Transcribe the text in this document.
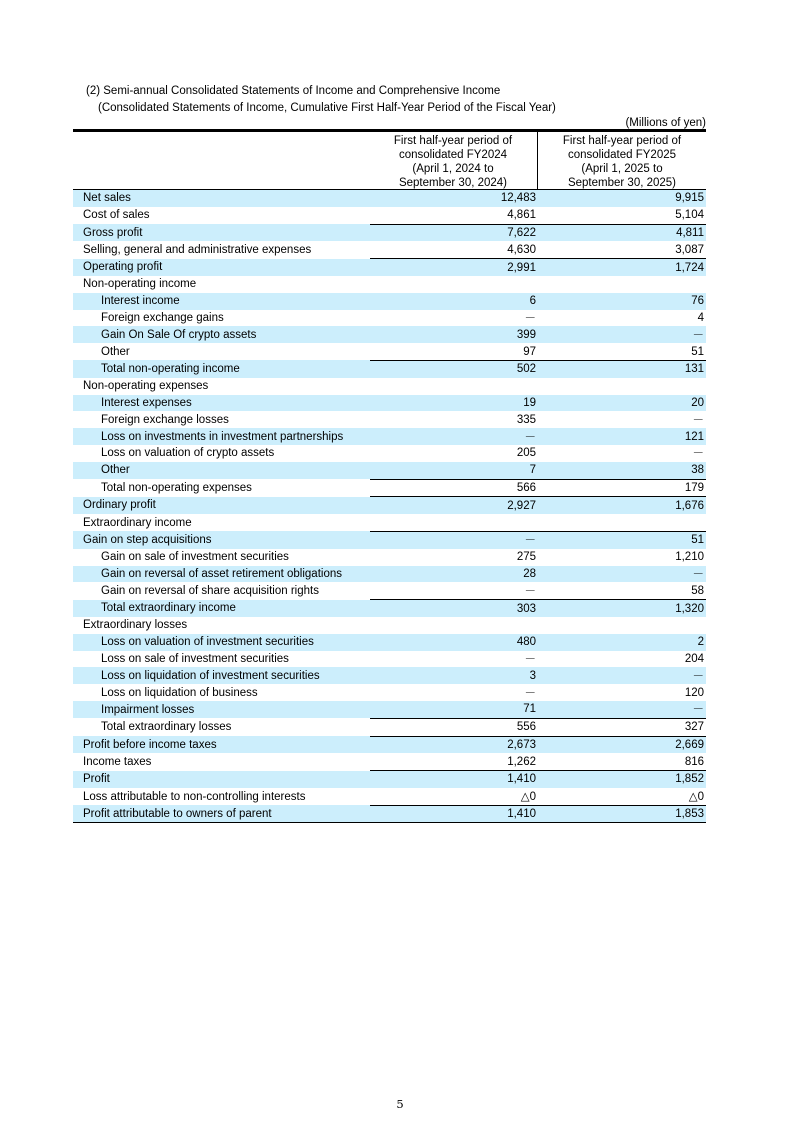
(2) Semi-annual Consolidated Statements of Income and Comprehensive Income
(Consolidated Statements of Income, Cumulative First Half-Year Period of the Fiscal Year)
(Millions of yen)
First half-year period of
consolidated FY2024
(April 1, 2024 to
September 30, 2024)
First half-year period of
consolidated FY2025
(April 1, 2025 to
September 30, 2025)
Net sales	12,483	9,915
Cost of sales	4,861	5,104
Gross profit	7,622	4,811
Selling, general and administrative expenses	4,630	3,087
Operating profit	2,991	1,724
Non-operating income		
Interest income	6	76
Foreign exchange gains	－	4
Gain On Sale Of crypto assets	399	－
Other	97	51
Total non-operating income	502	131
Non-operating expenses		
Interest expenses	19	20
Foreign exchange losses	335	－
Loss on investments in investment partnerships	－	121
Loss on valuation of crypto assets	205	－
Other	7	38
Total non-operating expenses	566	179
Ordinary profit	2,927	1,676
Extraordinary income		
Gain on step acquisitions	－	51
Gain on sale of investment securities	275	1,210
Gain on reversal of asset retirement obligations	28	－
Gain on reversal of share acquisition rights	－	58
Total extraordinary income	303	1,320
Extraordinary losses		
Loss on valuation of investment securities	480	2
Loss on sale of investment securities	－	204
Loss on liquidation of investment securities	3	－
Loss on liquidation of business	－	120
Impairment losses	71	－
Total extraordinary losses	556	327
Profit before income taxes	2,673	2,669
Income taxes	1,262	816
Profit	1,410	1,852
Loss attributable to non-controlling interests	△0	△0
Profit attributable to owners of parent	1,410	1,853
5
